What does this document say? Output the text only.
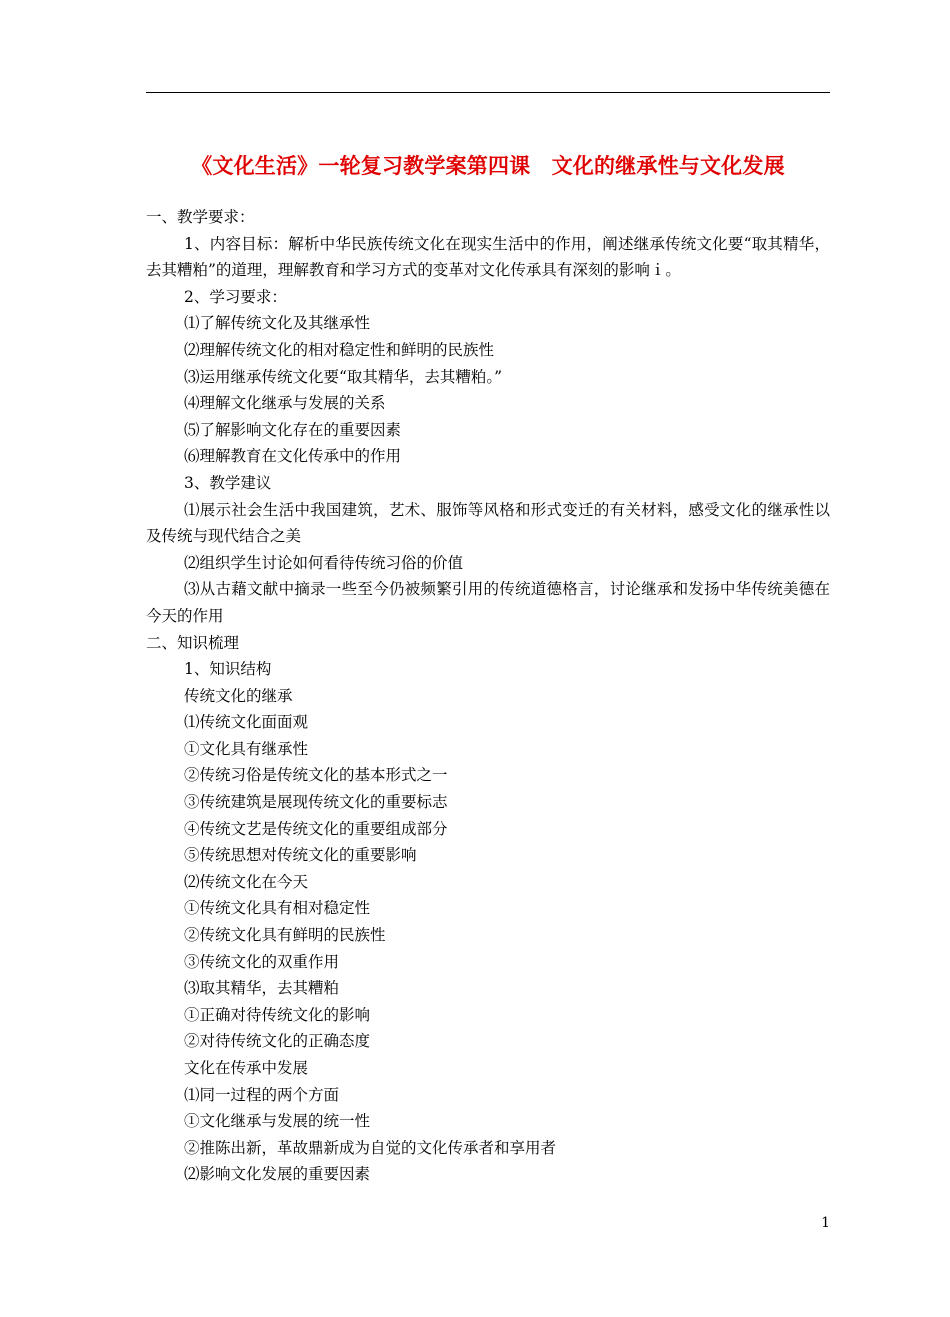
《文化生活》一轮复习教学案第四课　文化的继承性与文化发展
一、教学要求：
1、内容目标：解析中华民族传统文化在现实生活中的作用，阐述继承传统文化要“取其精华，去其糟粕”的道理，理解教育和学习方式的变革对文化传承具有深刻的影响ｉ。
2、学习要求：
⑴了解传统文化及其继承性
⑵理解传统文化的相对稳定性和鲜明的民族性
⑶运用继承传统文化要“取其精华，去其糟粕。”
⑷理解文化继承与发展的关系
⑸了解影响文化存在的重要因素
⑹理解教育在文化传承中的作用
3、教学建议
⑴展示社会生活中我国建筑，艺术、服饰等风格和形式变迁的有关材料，感受文化的继承性以及传统与现代结合之美
⑵组织学生讨论如何看待传统习俗的价值
⑶从古藉文献中摘录一些至今仍被频繁引用的传统道德格言，讨论继承和发扬中华传统美德在今天的作用
二、知识梳理
1、知识结构
传统文化的继承
⑴传统文化面面观
①文化具有继承性
②传统习俗是传统文化的基本形式之一
③传统建筑是展现传统文化的重要标志
④传统文艺是传统文化的重要组成部分
⑤传统思想对传统文化的重要影响
⑵传统文化在今天
①传统文化具有相对稳定性
②传统文化具有鲜明的民族性
③传统文化的双重作用
⑶取其精华，去其糟粕
①正确对待传统文化的影响
②对待传统文化的正确态度
文化在传承中发展
⑴同一过程的两个方面
①文化继承与发展的统一性
②推陈出新，革故鼎新成为自觉的文化传承者和享用者
⑵影响文化发展的重要因素
1
